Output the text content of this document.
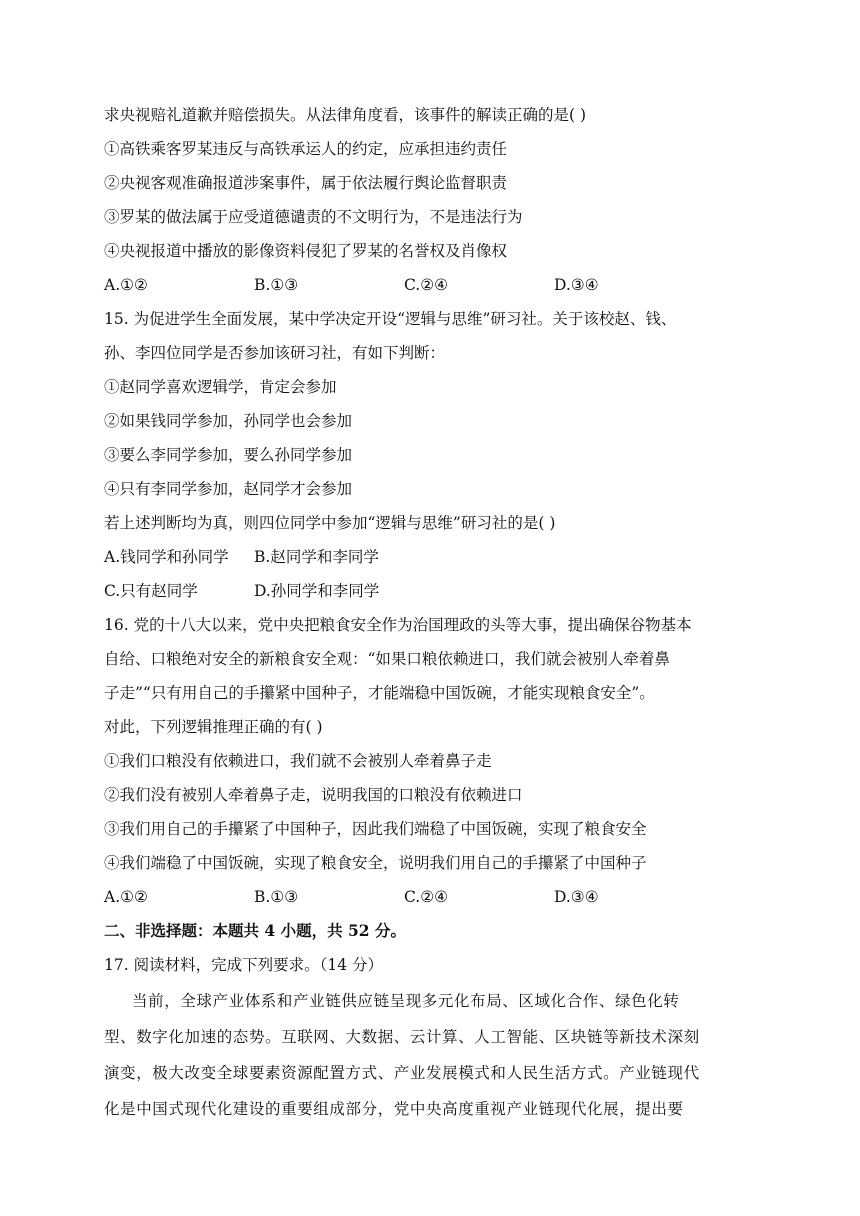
求央视赔礼道歉并赔偿损失。从法律角度看，该事件的解读正确的是( )
①高铁乘客罗某违反与高铁承运人的约定，应承担违约责任
②央视客观准确报道涉案事件，属于依法履行舆论监督职责
③罗某的做法属于应受道德谴责的不文明行为，不是违法行为
④央视报道中播放的影像资料侵犯了罗某的名誉权及肖像权
A.①②	B.①③	C.②④	D.③④
15. 为促进学生全面发展，某中学决定开设“逻辑与思维”研习社。关于该校赵、钱、
孙、李四位同学是否参加该研习社，有如下判断：
①赵同学喜欢逻辑学，肯定会参加
②如果钱同学参加，孙同学也会参加
③要么李同学参加，要么孙同学参加
④只有李同学参加，赵同学才会参加
若上述判断均为真，则四位同学中参加“逻辑与思维”研习社的是( )
A.钱同学和孙同学 B.赵同学和李同学
C.只有赵同学	D.孙同学和李同学
16. 党的十八大以来，党中央把粮食安全作为治国理政的头等大事，提出确保谷物基本
自给、口粮绝对安全的新粮食安全观：“如果口粮依赖进口，我们就会被别人牵着鼻
子走”“只有用自己的手攥紧中国种子，才能端稳中国饭碗，才能实现粮食安全”。
对此，下列逻辑推理正确的有( )
①我们口粮没有依赖进口，我们就不会被别人牵着鼻子走
②我们没有被别人牵着鼻子走，说明我国的口粮没有依赖进口
③我们用自己的手攥紧了中国种子，因此我们端稳了中国饭碗，实现了粮食安全
④我们端稳了中国饭碗，实现了粮食安全，说明我们用自己的手攥紧了中国种子
A.①②	B.①③	C.②④	D.③④
二、非选择题：本题共 4 小题，共 52 分。
17. 阅读材料，完成下列要求。（14 分）
当前，全球产业体系和产业链供应链呈现多元化布局、区域化合作、绿色化转
型、数字化加速的态势。互联网、大数据、云计算、人工智能、区块链等新技术深刻
演变，极大改变全球要素资源配置方式、产业发展模式和人民生活方式。产业链现代
化是中国式现代化建设的重要组成部分，党中央高度重视产业链现代化展，提出要
